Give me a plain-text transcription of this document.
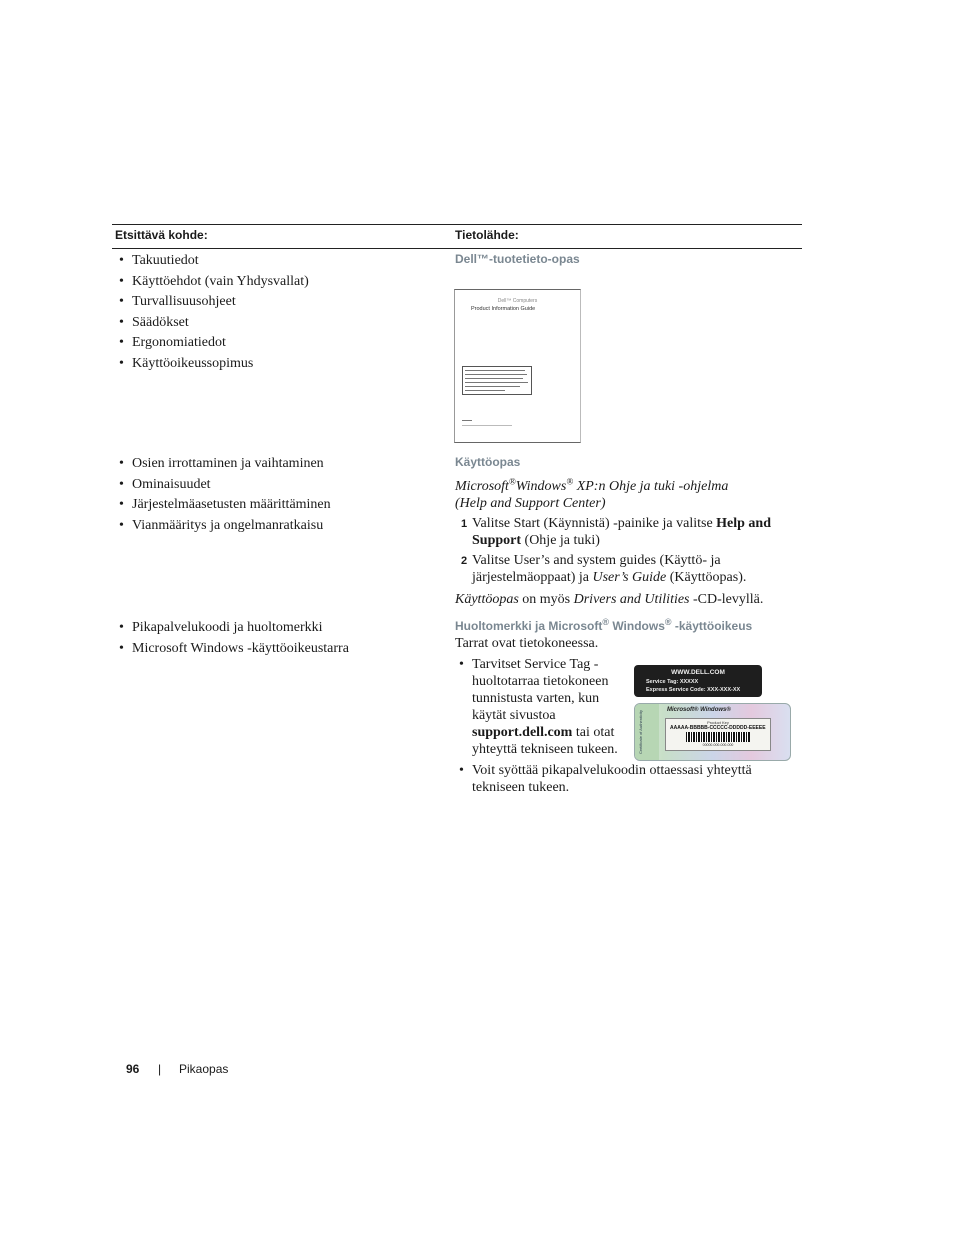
Etsittävä kohde:	Tietolähde:
• Takuutiedot
• Käyttöehdot (vain Yhdysvallat)
• Turvallisuusohjeet
• Säädökset
• Ergonomiatiedot
• Käyttöoikeussopimus
Dell™-tuotetieto-opas
Dell™ Computers
Product Information Guide
• Osien irrottaminen ja vaihtaminen
• Ominaisuudet
• Järjestelmäasetusten määrittäminen
• Vianmääritys ja ongelmanratkaisu
Käyttöopas

Microsoft®Windows® XP:n Ohje ja tuki -ohjelma

(Help and Support Center)

1 Valitse Start (Käynnistä) -painike ja valitse Help and Support (Ohje ja tuki)
2 Valitse User’s and system guides (Käyttö- ja järjestelmäoppaat) ja User’s Guide (Käyttöopas).

Käyttöopas on myös Drivers and Utilities -CD-levyllä.

• Pikapalvelukoodi ja huoltomerkki
• Microsoft Windows -käyttöoikeustarra
Huoltomerkki ja Microsoft® Windows® -käyttöoikeus

Tarrat ovat tietokoneessa.

• Tarvitset Service Tag - huoltotarraa tietokoneen tunnistusta varten, kun käytät sivustoa support.dell.com tai otat yhteyttä tekniseen tukeen.
• Voit syöttää pikapalvelukoodin ottaessasi yhteyttä tekniseen tukeen.
WWW.DELL.COM
Service Tag: XXXXX
Express Service Code: XXX-XXX-XX
Certificate of Authenticity	Microsoft® Windows®
Product Key
AAAAA-BBBBB-CCCCC-DDDDD-EEEEE
00000-000-000-000
96 | Pikaopas
